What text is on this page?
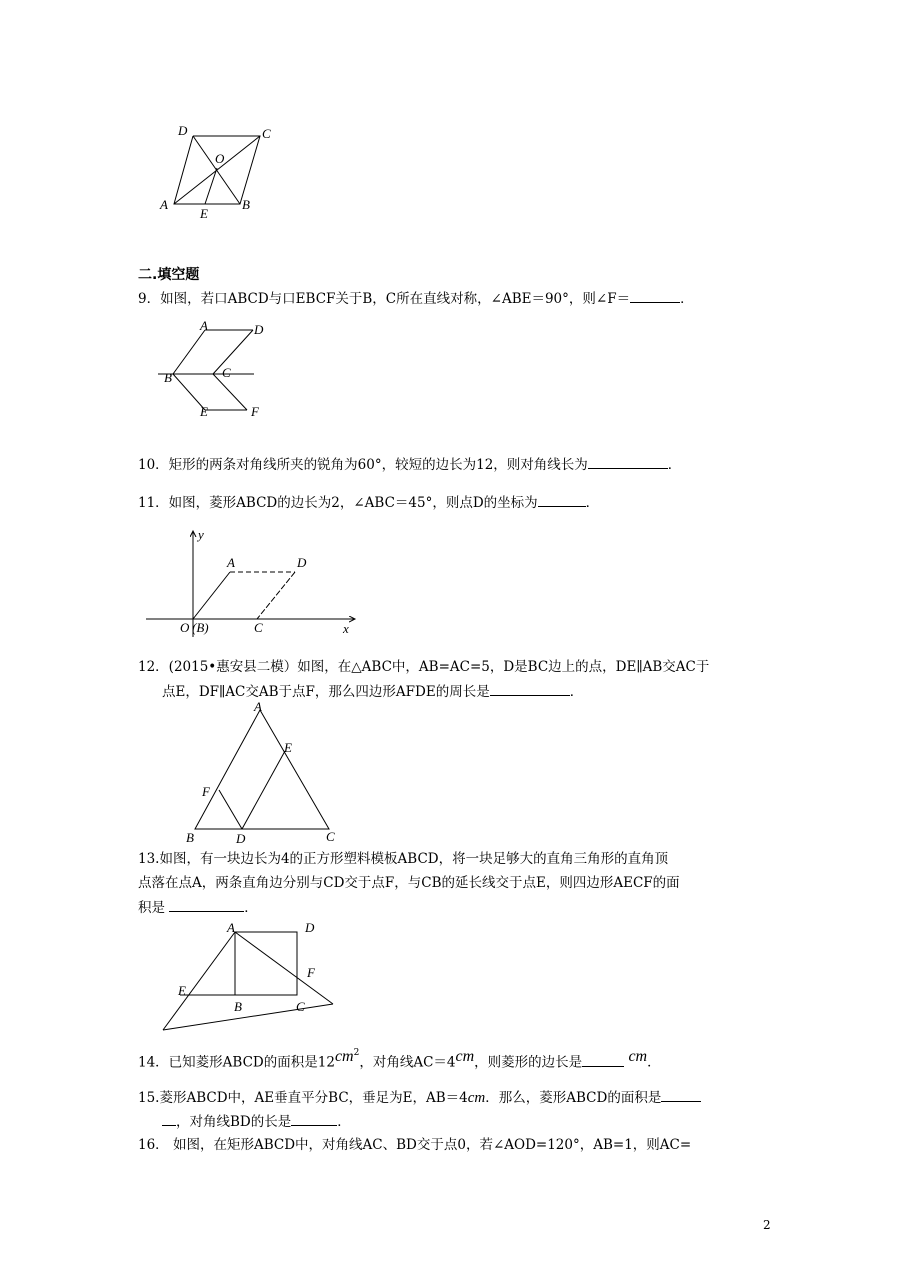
D	C
O
A
E
B
二.填空题
9．如图，若口ABCD与口EBCF关于B，C所在直线对称，∠ABE＝90°，则∠F＝	．
A	D
B	C
E	F
10．矩形的两条对角线所夹的锐角为60°，较短的边长为12，则对角线长为	．
11．如图，菱形ABCD的边长为2，∠ABC＝45°，则点D的坐标为	．
y
A	D
O (B)	C	x
12．(2015•惠安县二模）如图，在△ABC中，AB=AC=5，D是BC边上的点，DE∥AB交AC于
点E，DF∥AC交AB于点F，那么四边形AFDE的周长是	．
A
E
F
B	D	C
13.如图，有一块边长为4的正方形塑料模板ABCD，将一块足够大的直角三角形的直角顶
点落在点A，两条直角边分别与CD交于点F，与CB的延长线交于点E，则四边形AECF的面
积是	．
A	D
F
E
B	C
14．已知菱形ABCD的面积是$12cm^2$，对角线AC＝4cm，则菱形的边长是	cm．
15.菱形ABCD中，AE垂直平分BC，垂足为E，AB＝4cm．那么，菱形ABCD的面积是
，对角线BD的长是	．
16． 如图，在矩形ABCD中，对角线AC、BD交于点0，若∠AOD=120°，AB=1，则AC=
2
